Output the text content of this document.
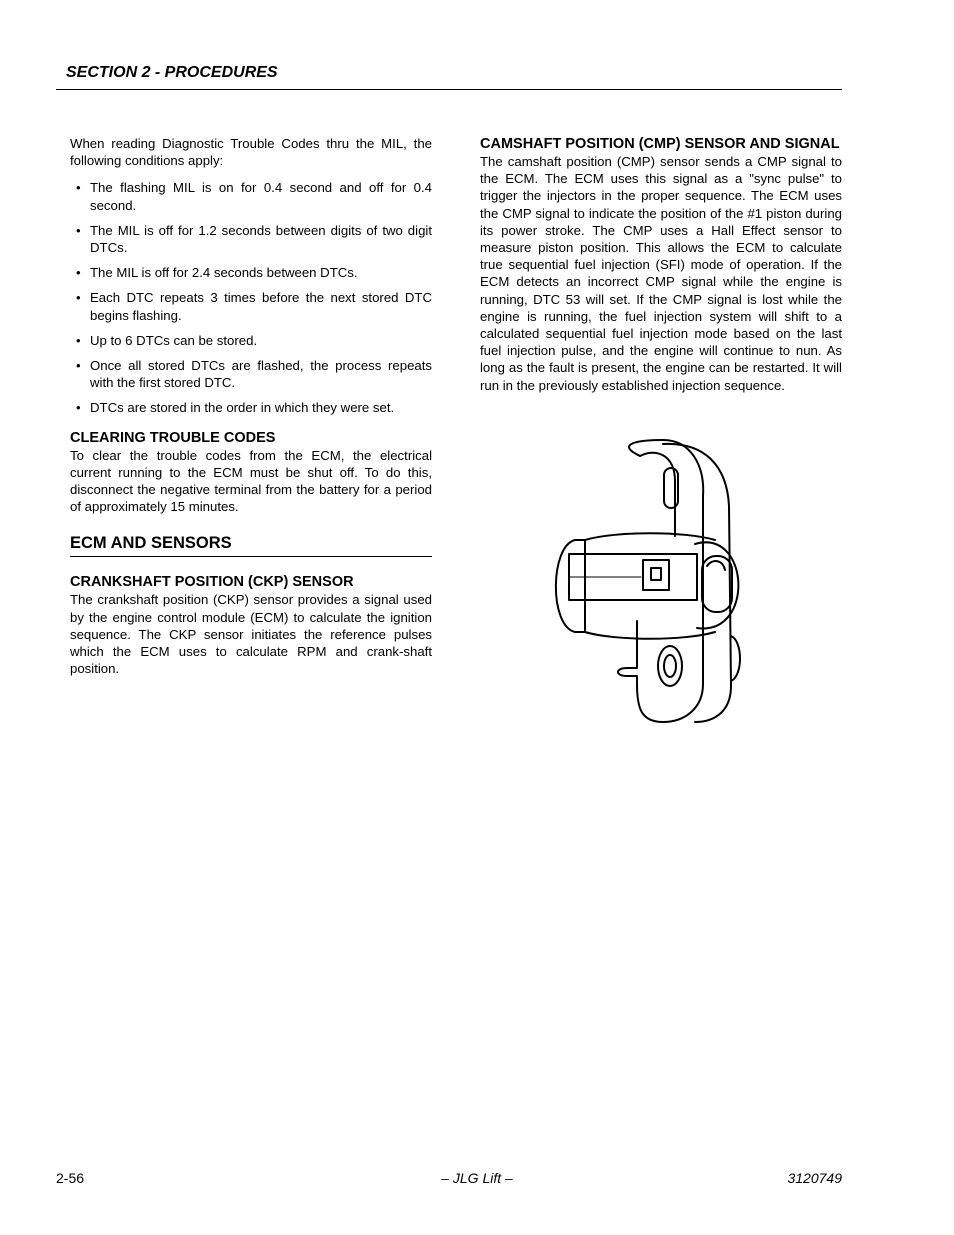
SECTION 2 - PROCEDURES

When reading Diagnostic Trouble Codes thru the MIL, the following conditions apply:

• The flashing MIL is on for 0.4 second and off for 0.4 second.
• The MIL is off for 1.2 seconds between digits of two digit DTCs.
• The MIL is off for 2.4 seconds between DTCs.
• Each DTC repeats 3 times before the next stored DTC begins flashing.
• Up to 6 DTCs can be stored.
• Once all stored DTCs are flashed, the process repeats with the first stored DTC.
• DTCs are stored in the order in which they were set.
CLEARING TROUBLE CODES

To clear the trouble codes from the ECM, the electrical current running to the ECM must be shut off. To do this, disconnect the negative terminal from the battery for a period of approximately 15 minutes.

ECM AND SENSORS
CRANKSHAFT POSITION (CKP) SENSOR

The crankshaft position (CKP) sensor provides a signal used by the engine control module (ECM) to calculate the ignition sequence. The CKP sensor initiates the reference pulses which the ECM uses to calculate RPM and crank-shaft position.

CAMSHAFT POSITION (CMP) SENSOR AND SIGNAL

The camshaft position (CMP) sensor sends a CMP signal to the ECM. The ECM uses this signal as a "sync pulse" to trigger the injectors in the proper sequence. The ECM uses the CMP signal to indicate the position of the #1 piston during its power stroke. The CMP uses a Hall Effect sensor to measure piston position. This allows the ECM to calculate true sequential fuel injection (SFI) mode of operation. If the ECM detects an incorrect CMP signal while the engine is running, DTC 53 will set. If the CMP signal is lost while the engine is running, the fuel injection system will shift to a calculated sequential fuel injection mode based on the last fuel injection pulse, and the engine will continue to nun. As long as the fault is present, the engine can be restarted. It will run in the previously established injection sequence.

2-56	– JLG Lift –	3120749
